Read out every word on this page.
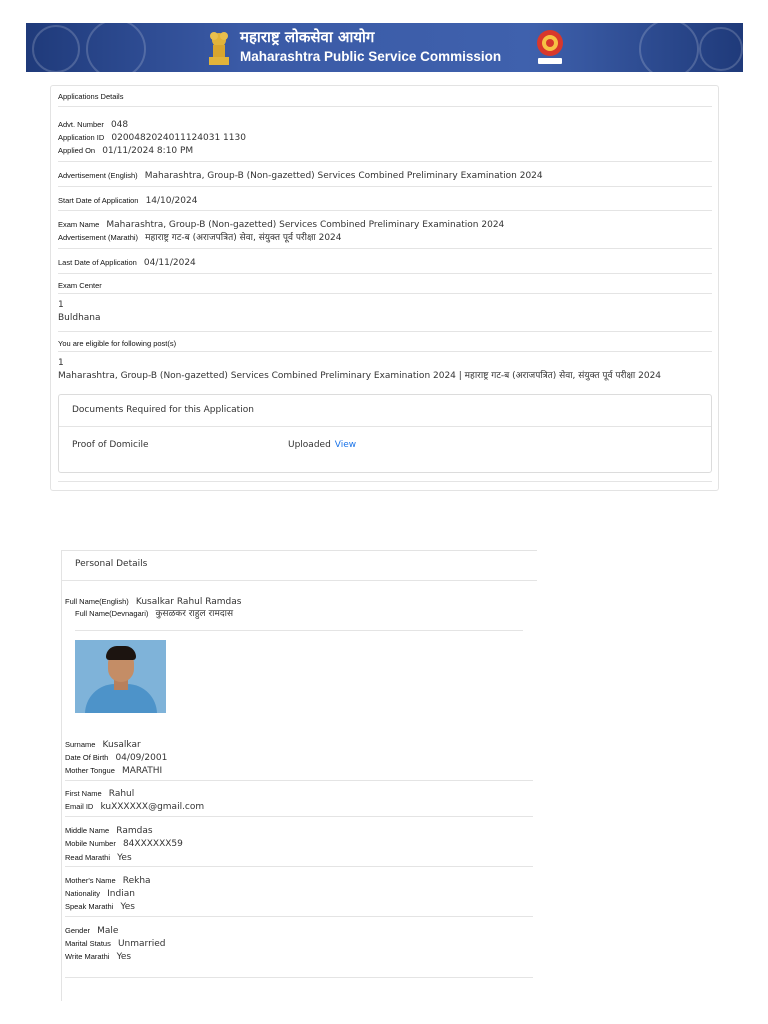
महाराष्ट्र लोकसेवा आयोग
Maharashtra Public Service Commission
Applications Details
Advt. Number 048
Application ID 0200482024011124031 1130
Applied On 01/11/2024 8:10 PM
Advertisement (English) Maharashtra, Group-B (Non-gazetted) Services Combined Preliminary Examination 2024
Start Date of Application 14/10/2024
Exam Name Maharashtra, Group-B (Non-gazetted) Services Combined Preliminary Examination 2024
Advertisement (Marathi) महाराष्ट्र गट-ब (अराजपत्रित) सेवा, संयुक्त पूर्व परीक्षा 2024
Last Date of Application 04/11/2024
Exam Center
1
Buldhana
You are eligible for following post(s)
1
Maharashtra, Group-B (Non-gazetted) Services Combined Preliminary Examination 2024 | महाराष्ट्र गट-ब (अराजपत्रित) सेवा, संयुक्त पूर्व परीक्षा 2024
Documents Required for this Application
Proof of Domicile	Uploaded View
Personal Details
Full Name(English) Kusalkar Rahul Ramdas
Full Name(Devnagari) कुसळकर राहुल रामदास
Surname Kusalkar
Date Of Birth 04/09/2001
Mother Tongue MARATHI
First Name Rahul
Email ID kuXXXXXX@gmail.com
Middle Name Ramdas
Mobile Number 84XXXXXX59
Read Marathi Yes
Mother's Name Rekha
Nationality Indian
Speak Marathi Yes
Gender Male
Marital Status Unmarried
Write Marathi Yes
